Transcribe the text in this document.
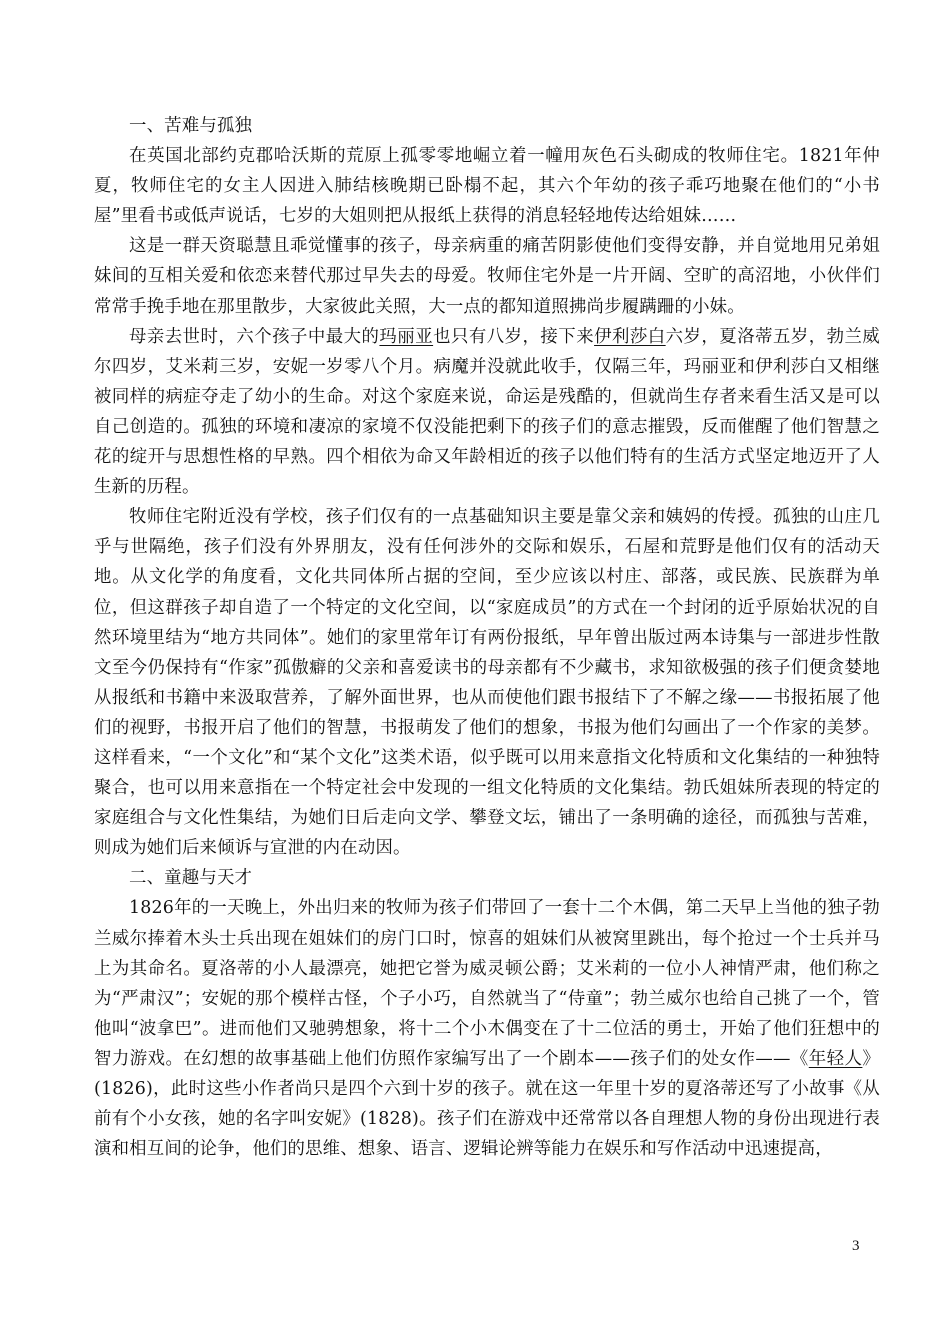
一、苦难与孤独

在英国北部约克郡哈沃斯的荒原上孤零零地崛立着一幢用灰色石头砌成的牧师住宅。1821年仲夏，牧师住宅的女主人因进入肺结核晚期已卧榻不起，其六个年幼的孩子乖巧地聚在他们的“小书屋”里看书或低声说话，七岁的大姐则把从报纸上获得的消息轻轻地传达给姐妹……

这是一群天资聪慧且乖觉懂事的孩子，母亲病重的痛苦阴影使他们变得安静，并自觉地用兄弟姐妹间的互相关爱和依恋来替代那过早失去的母爱。牧师住宅外是一片开阔、空旷的高沼地，小伙伴们常常手挽手地在那里散步，大家彼此关照，大一点的都知道照拂尚步履蹒跚的小妹。

母亲去世时，六个孩子中最大的玛丽亚也只有八岁，接下来伊利莎白六岁，夏洛蒂五岁，勃兰威尔四岁，艾米莉三岁，安妮一岁零八个月。病魔并没就此收手，仅隔三年，玛丽亚和伊利莎白又相继被同样的病症夺走了幼小的生命。对这个家庭来说，命运是残酷的，但就尚生存者来看生活又是可以自己创造的。孤独的环境和凄凉的家境不仅没能把剩下的孩子们的意志摧毁，反而催醒了他们智慧之花的绽开与思想性格的早熟。四个相依为命又年龄相近的孩子以他们特有的生活方式坚定地迈开了人生新的历程。

牧师住宅附近没有学校，孩子们仅有的一点基础知识主要是靠父亲和姨妈的传授。孤独的山庄几乎与世隔绝，孩子们没有外界朋友，没有任何涉外的交际和娱乐，石屋和荒野是他们仅有的活动天地。从文化学的角度看，文化共同体所占据的空间，至少应该以村庄、部落，或民族、民族群为单位，但这群孩子却自造了一个特定的文化空间，以“家庭成员”的方式在一个封闭的近乎原始状况的自然环境里结为“地方共同体”。她们的家里常年订有两份报纸，早年曾出版过两本诗集与一部进步性散文至今仍保持有“作家”孤傲癖的父亲和喜爱读书的母亲都有不少藏书，求知欲极强的孩子们便贪婪地从报纸和书籍中来汲取营养，了解外面世界，也从而使他们跟书报结下了不解之缘——书报拓展了他们的视野，书报开启了他们的智慧，书报萌发了他们的想象，书报为他们勾画出了一个作家的美梦。这样看来，“一个文化”和“某个文化”这类术语，似乎既可以用来意指文化特质和文化集结的一种独特聚合，也可以用来意指在一个特定社会中发现的一组文化特质的文化集结。勃氏姐妹所表现的特定的家庭组合与文化性集结，为她们日后走向文学、攀登文坛，铺出了一条明确的途径，而孤独与苦难，则成为她们后来倾诉与宣泄的内在动因。

二、童趣与天才

1826年的一天晚上，外出归来的牧师为孩子们带回了一套十二个木偶，第二天早上当他的独子勃兰威尔捧着木头士兵出现在姐妹们的房门口时，惊喜的姐妹们从被窝里跳出，每个抢过一个士兵并马上为其命名。夏洛蒂的小人最漂亮，她把它誉为威灵顿公爵；艾米莉的一位小人神情严肃，他们称之为“严肃汉”；安妮的那个模样古怪，个子小巧，自然就当了“侍童”；勃兰威尔也给自己挑了一个，管他叫“波拿巴”。进而他们又驰骋想象，将十二个小木偶变在了十二位活的勇士，开始了他们狂想中的智力游戏。在幻想的故事基础上他们仿照作家编写出了一个剧本——孩子们的处女作——《年轻人》(1826)，此时这些小作者尚只是四个六到十岁的孩子。就在这一年里十岁的夏洛蒂还写了小故事《从前有个小女孩，她的名字叫安妮》(1828)。孩子们在游戏中还常常以各自理想人物的身份出现进行表演和相互间的论争，他们的思维、想象、语言、逻辑论辨等能力在娱乐和写作活动中迅速提高，

3
